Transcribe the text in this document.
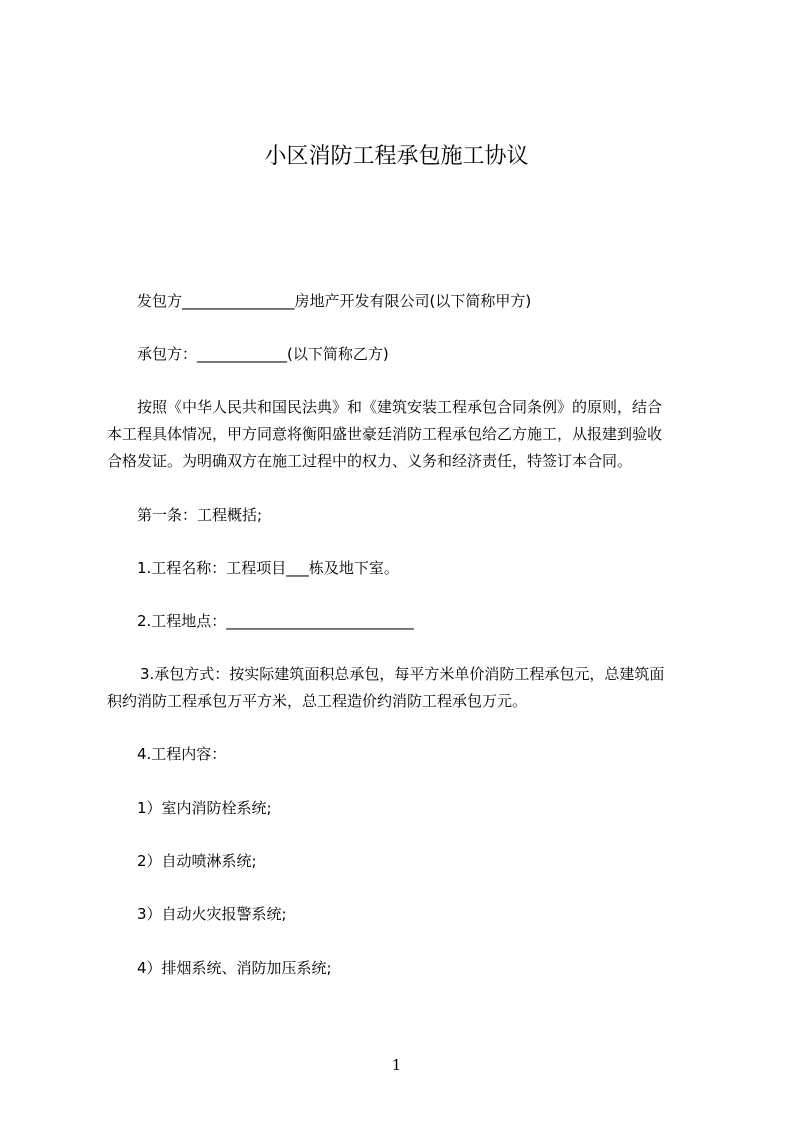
小区消防工程承包施工协议

发包方_______________房地产开发有限公司(以下简称甲方)

承包方：____________(以下简称乙方)

按照《中华人民共和国民法典》和《建筑安装工程承包合同条例》的原则，结合

本工程具体情况，甲方同意将衡阳盛世豪廷消防工程承包给乙方施工，从报建到验收

合格发证。为明确双方在施工过程中的权力、义务和经济责任，特签订本合同。

第一条：工程概括;

1.工程名称：工程项目___栋及地下室。

2.工程地点：_________________________

3.承包方式：按实际建筑面积总承包，每平方米单价消防工程承包元，总建筑面

积约消防工程承包万平方米，总工程造价约消防工程承包万元。

4.工程内容：

1）室内消防栓系统;

2）自动喷淋系统;

3）自动火灾报警系统;

4）排烟系统、消防加压系统;

1
